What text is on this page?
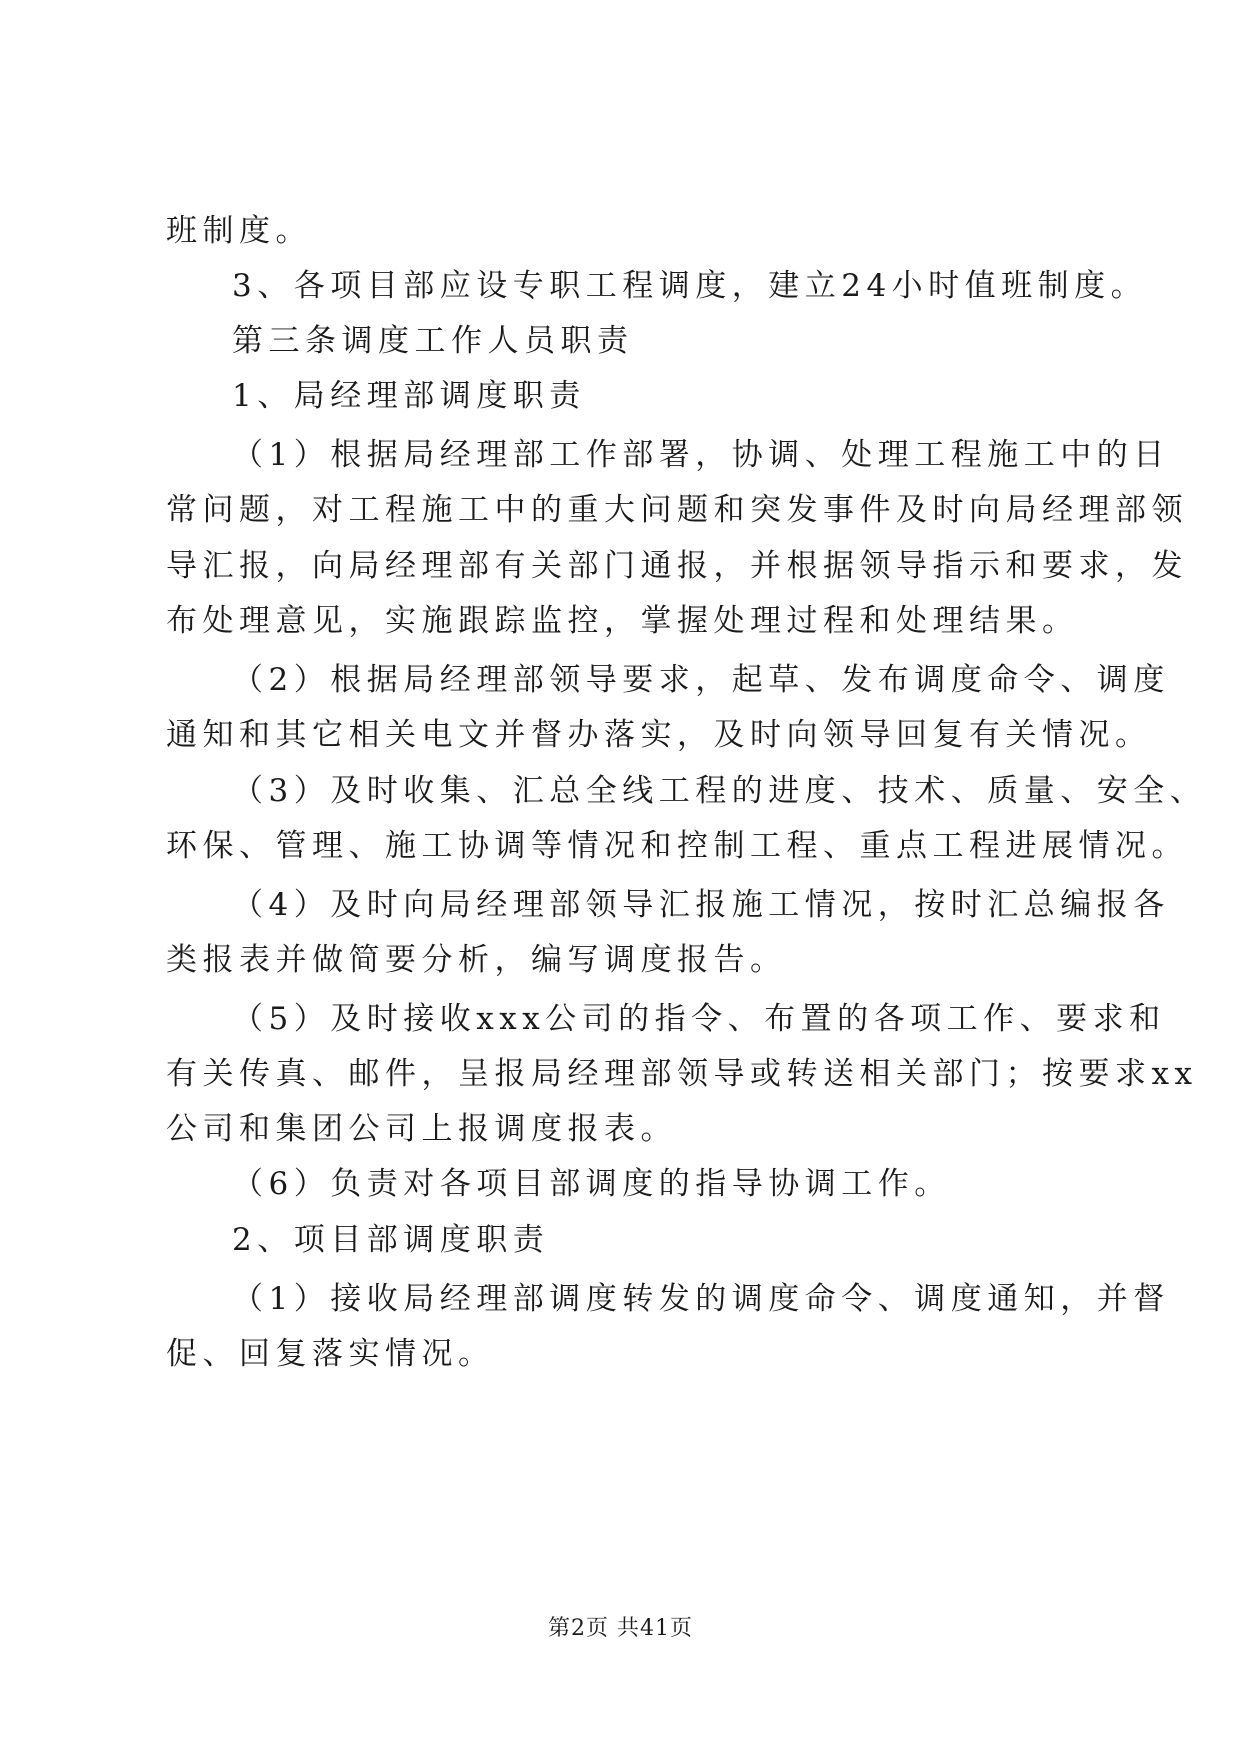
班制度。
3、各项目部应设专职工程调度，建立24小时值班制度。
第三条调度工作人员职责
1、局经理部调度职责
（1）根据局经理部工作部署，协调、处理工程施工中的日
常问题，对工程施工中的重大问题和突发事件及时向局经理部领
导汇报，向局经理部有关部门通报，并根据领导指示和要求，发
布处理意见，实施跟踪监控，掌握处理过程和处理结果。
（2）根据局经理部领导要求，起草、发布调度命令、调度
通知和其它相关电文并督办落实，及时向领导回复有关情况。
（3）及时收集、汇总全线工程的进度、技术、质量、安全、
环保、管理、施工协调等情况和控制工程、重点工程进展情况。
（4）及时向局经理部领导汇报施工情况，按时汇总编报各
类报表并做简要分析，编写调度报告。
（5）及时接收xxx公司的指令、布置的各项工作、要求和
有关传真、邮件，呈报局经理部领导或转送相关部门；按要求xx
公司和集团公司上报调度报表。
（6）负责对各项目部调度的指导协调工作。
2、项目部调度职责
（1）接收局经理部调度转发的调度命令、调度通知，并督
促、回复落实情况。
第2页 共41页
